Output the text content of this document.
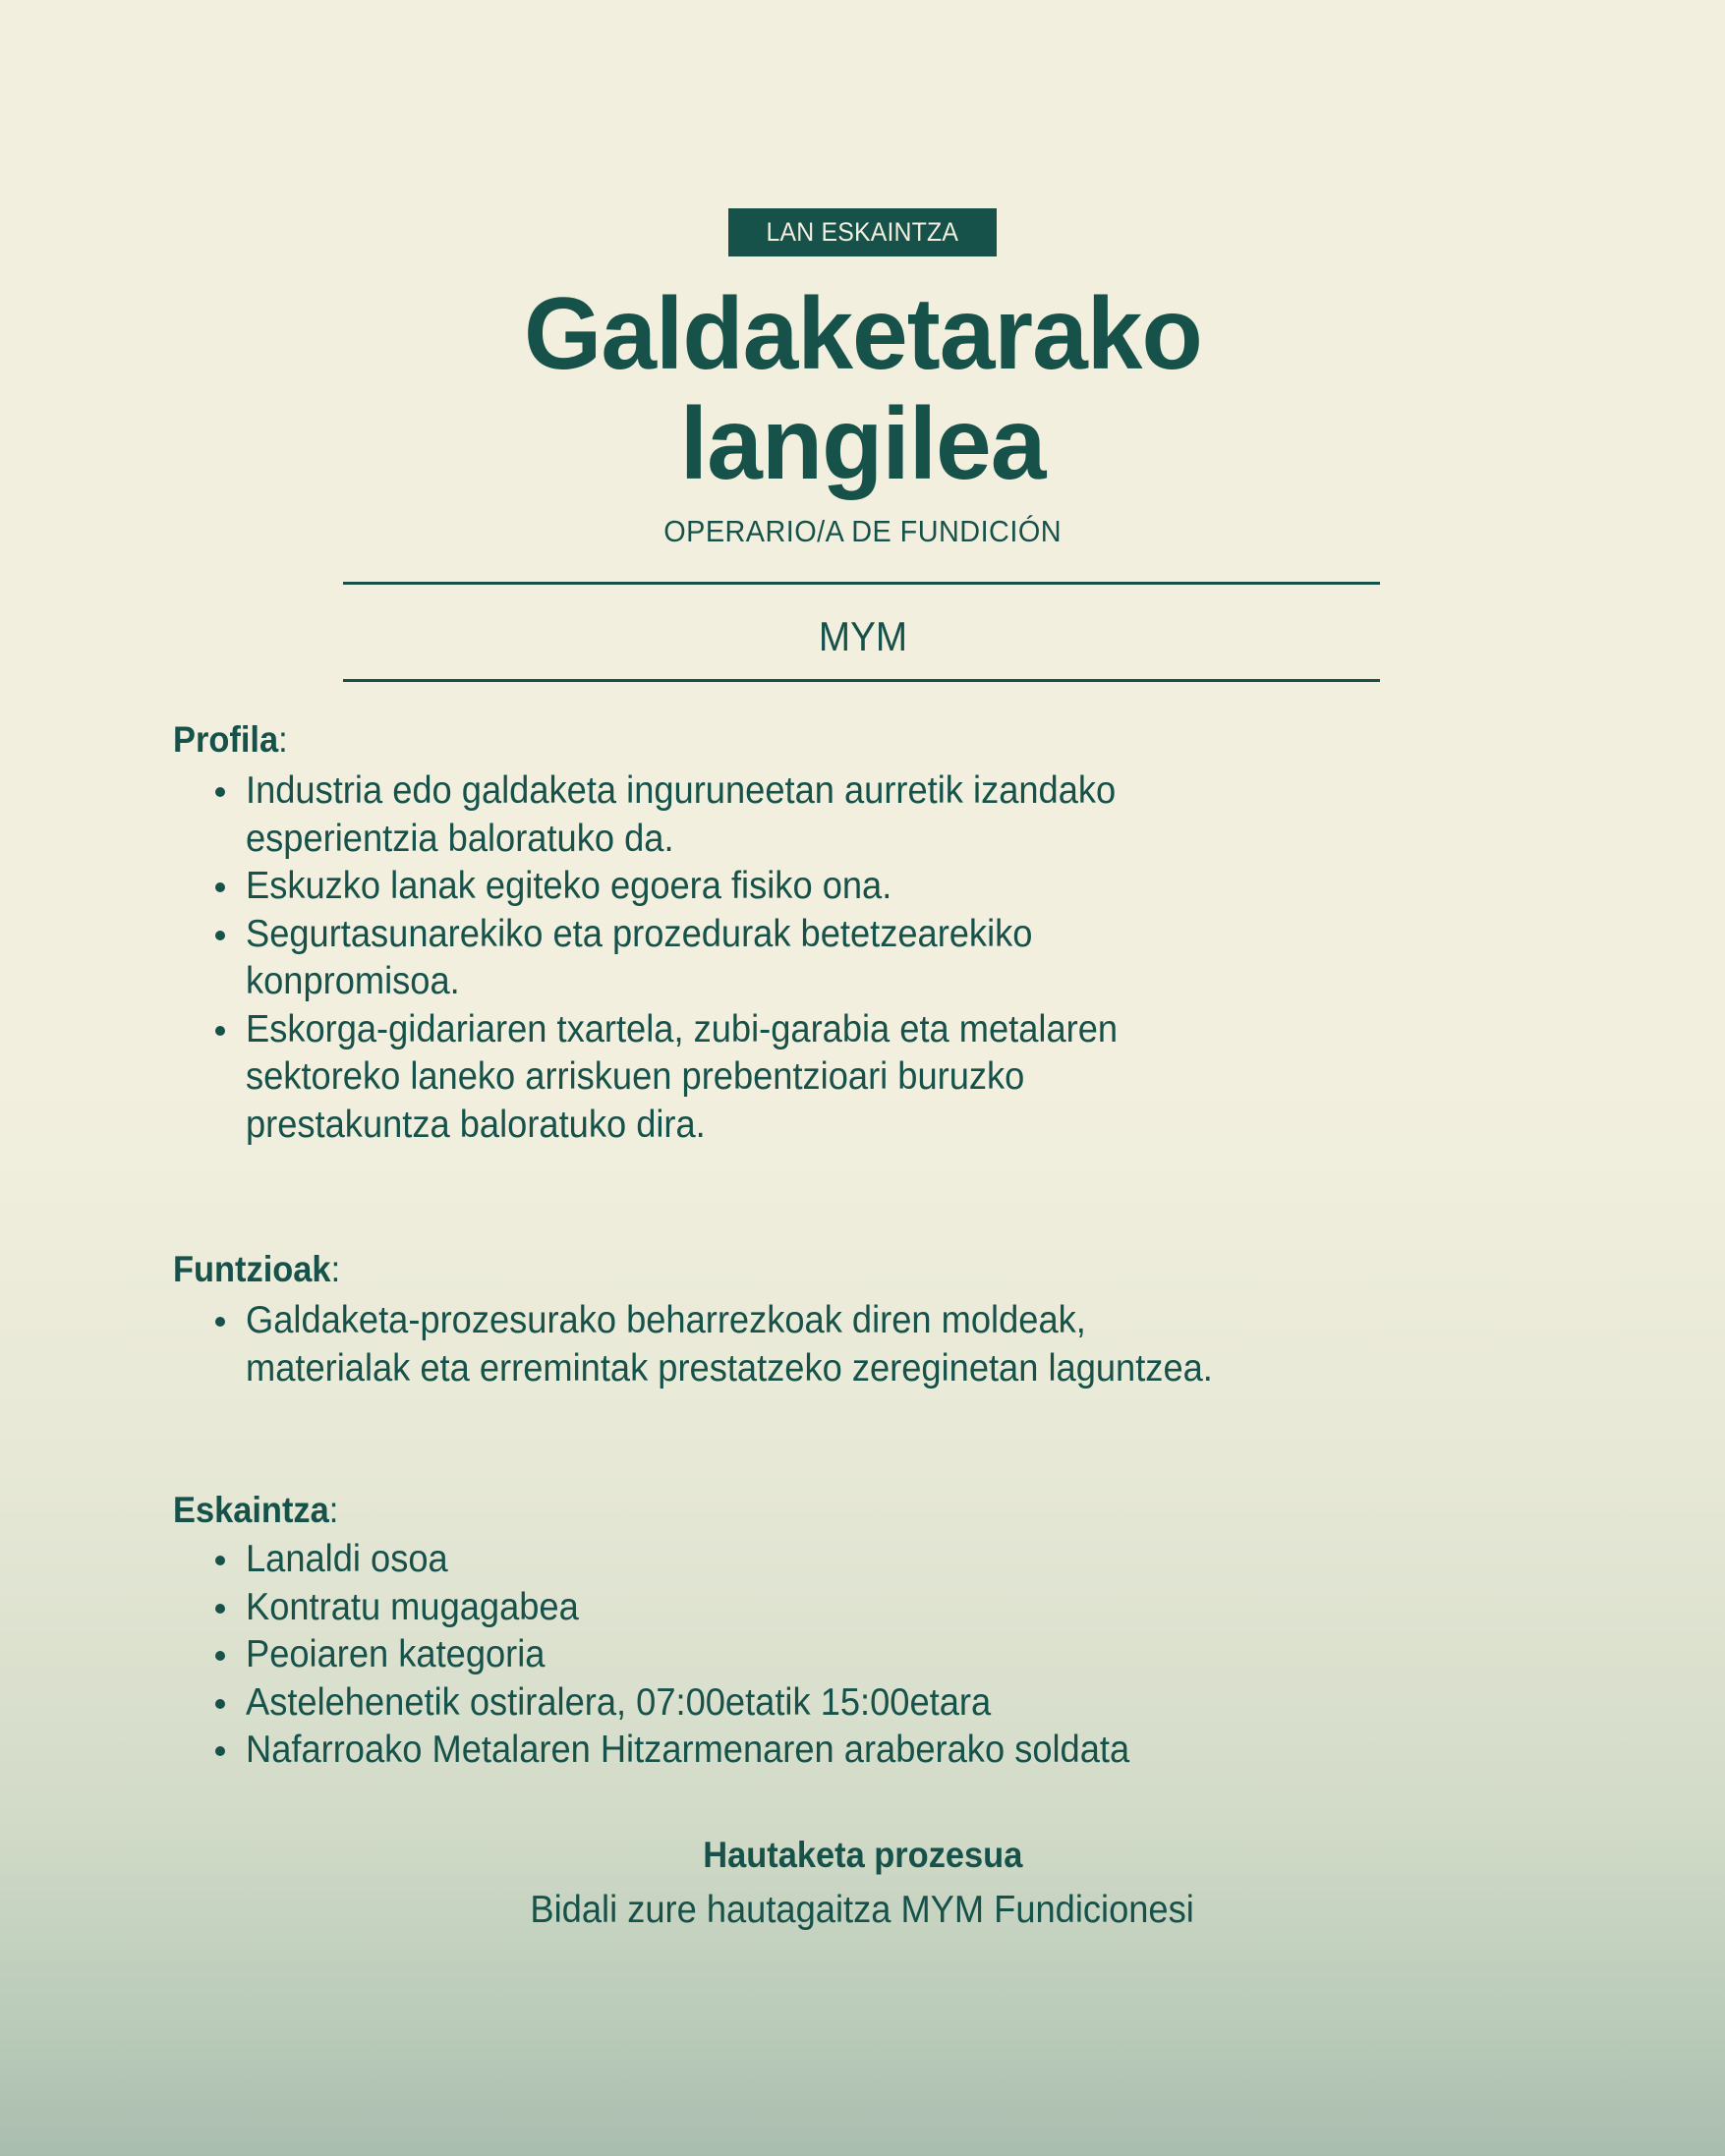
LAN ESKAINTZA
Galdaketarako
langilea
OPERARIO/A DE FUNDICIÓN
MYM
Profila:
Industria edo galdaketa inguruneetan aurretik izandako
esperientzia baloratuko da.
Eskuzko lanak egiteko egoera fisiko ona.
Segurtasunarekiko eta prozedurak betetzearekiko
konpromisoa.
Eskorga-gidariaren txartela, zubi-garabia eta metalaren
sektoreko laneko arriskuen prebentzioari buruzko
prestakuntza baloratuko dira.
Funtzioak:
Galdaketa-prozesurako beharrezkoak diren moldeak,
materialak eta erremintak prestatzeko zereginetan laguntzea.
Eskaintza:
Lanaldi osoa
Kontratu mugagabea
Peoiaren kategoria
Astelehenetik ostiralera, 07:00etatik 15:00etara
Nafarroako Metalaren Hitzarmenaren araberako soldata
Hautaketa prozesua
Bidali zure hautagaitza MYM Fundicionesi
